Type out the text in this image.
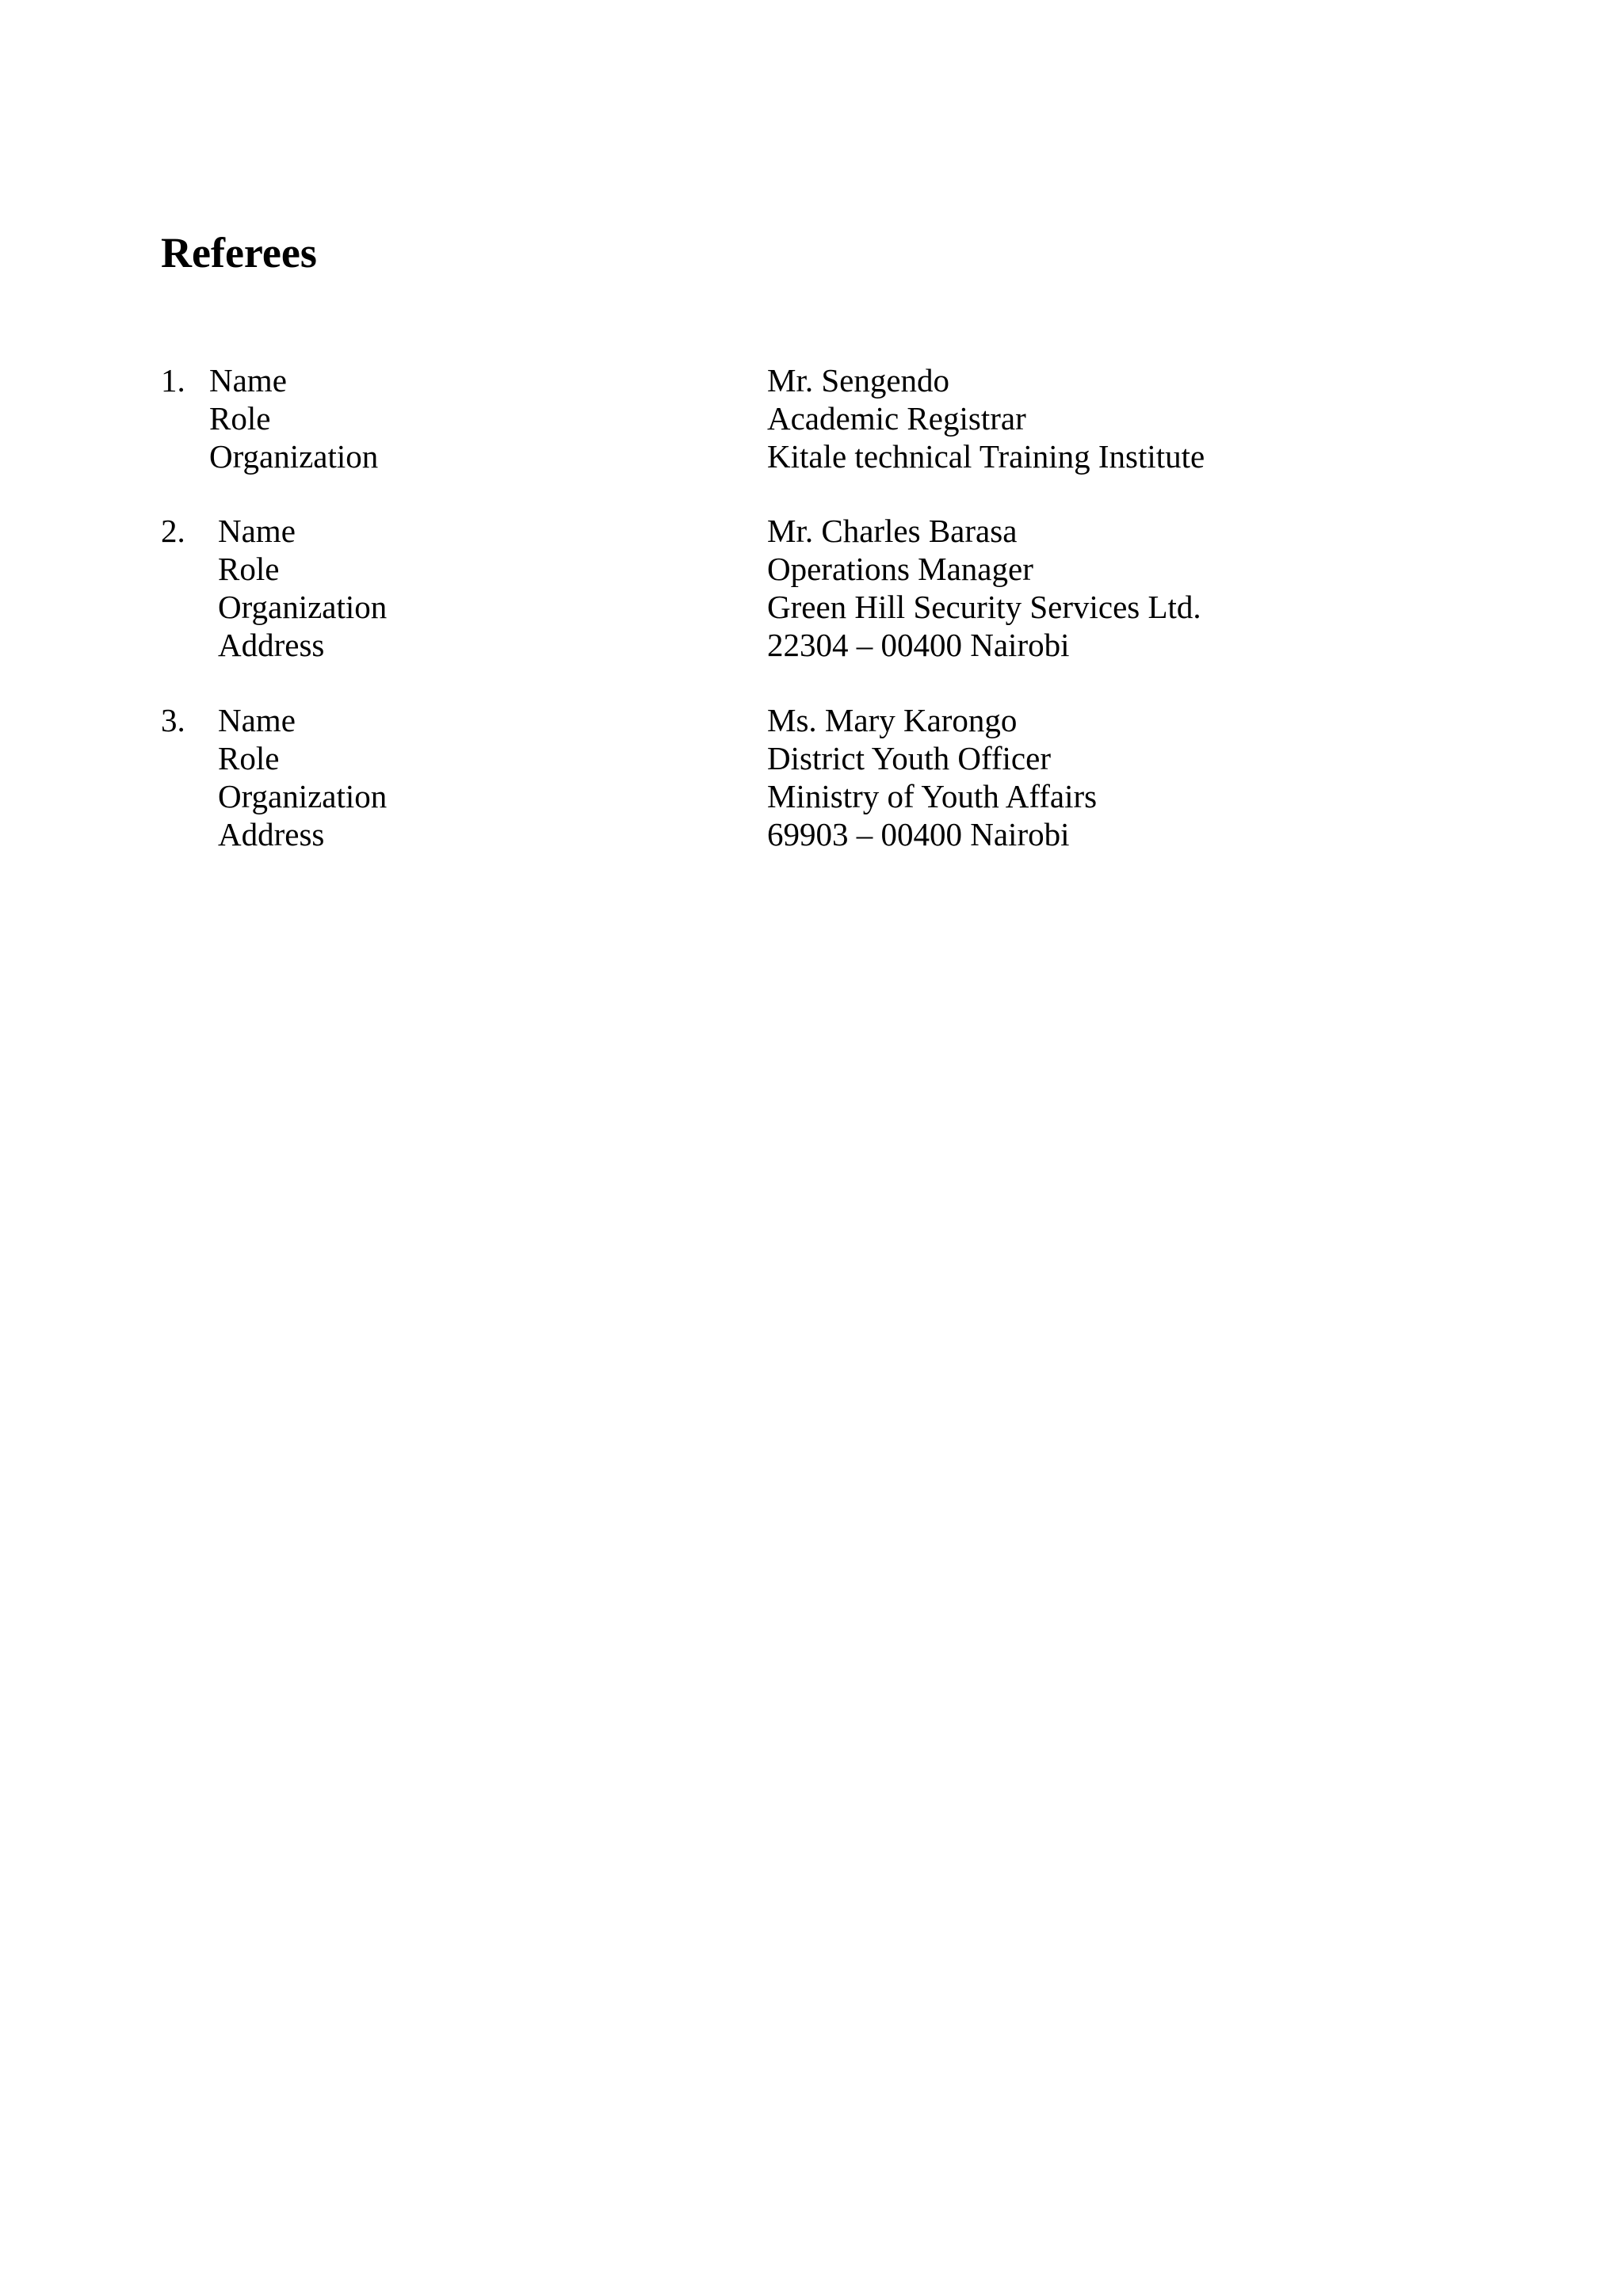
Referees
1. Name	Mr. Sengendo
Role	Academic Registrar
Organization	Kitale technical Training Institute
2. Name	Mr. Charles Barasa
Role	Operations Manager
Organization	Green Hill Security Services Ltd.
Address	22304 – 00400 Nairobi
3. Name	Ms. Mary Karongo
Role	District Youth Officer
Organization	Ministry of Youth Affairs
Address	69903 – 00400 Nairobi
